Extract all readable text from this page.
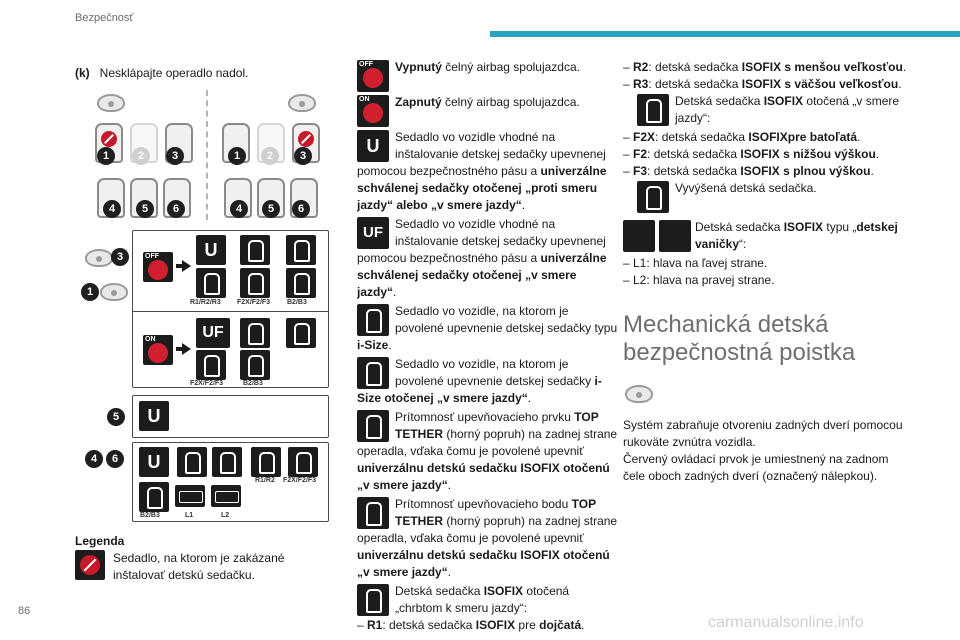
Bezpečnosť
86
carmanualsonline.info
(k) Nesklápajte operadlo nadol.
1	2	3
4	5	6
1	2	3
4	5	6
3
1
OFF	U
R1/R2/R3 F2X/F2/F3 B2/B3
ON	UF
F2X/F2/F3	B2/B3
5	U
4	6	U
R1/R2 F2X/F2/F3
B2/B3	L1	L2
Legenda
Sedadlo, na ktorom je zakázané inštalovať detskú sedačku.
OFF	Vypnutý čelný airbag spolujazdca.
ON	Zapnutý čelný airbag spolujazdca.
U	Sedadlo vo vozidle vhodné na inštalovanie detskej sedačky upevnenej pomocou bezpečnostného pásu a univerzálne schválenej sedačky otočenej „proti smeru jazdy“ alebo „v smere jazdy“.
UF	Sedadlo vo vozidle vhodné na inštalovanie detskej sedačky upevnenej pomocou bezpečnostného pásu a univerzálne schválenej sedačky otočenej „v smere jazdy“.
Sedadlo vo vozidle, na ktorom je povolené upevnenie detskej sedačky typu i-Size.
Sedadlo vo vozidle, na ktorom je povolené upevnenie detskej sedačky i-Size otočenej „v smere jazdy“.
Prítomnosť upevňovacieho prvku TOP TETHER (horný popruh) na zadnej strane operadla, vďaka čomu je povolené upevniť univerzálnu detskú sedačku ISOFIX otočenú „v smere jazdy“.
Prítomnosť upevňovacieho bodu TOP TETHER (horný popruh) na zadnej strane operadla, vďaka čomu je povolené upevniť univerzálnu detskú sedačku ISOFIX otočenú „v smere jazdy“.
Detská sedačka ISOFIX otočená „chrbtom k smeru jazdy“:
– R1: detská sedačka ISOFIX pre dojčatá.
– R2: detská sedačka ISOFIX s menšou veľkosťou.
– R3: detská sedačka ISOFIX s väčšou veľkosťou.
Detská sedačka ISOFIX otočená „v smere jazdy“:
– F2X: detská sedačka ISOFIXpre batoľatá.
– F2: detská sedačka ISOFIX s nižšou výškou.
– F3: detská sedačka ISOFIX s plnou výškou.
Vyvýšená detská sedačka.
Detská sedačka ISOFIX typu „detskej vaničky“:
– L1: hlava na ľavej strane.
– L2: hlava na pravej strane.
Mechanická detská bezpečnostná poistka
Systém zabraňuje otvoreniu zadných dverí pomocou rukoväte zvnútra vozidla.
Červený ovládací prvok je umiestnený na zadnom čele oboch zadných dverí (označený nálepkou).
